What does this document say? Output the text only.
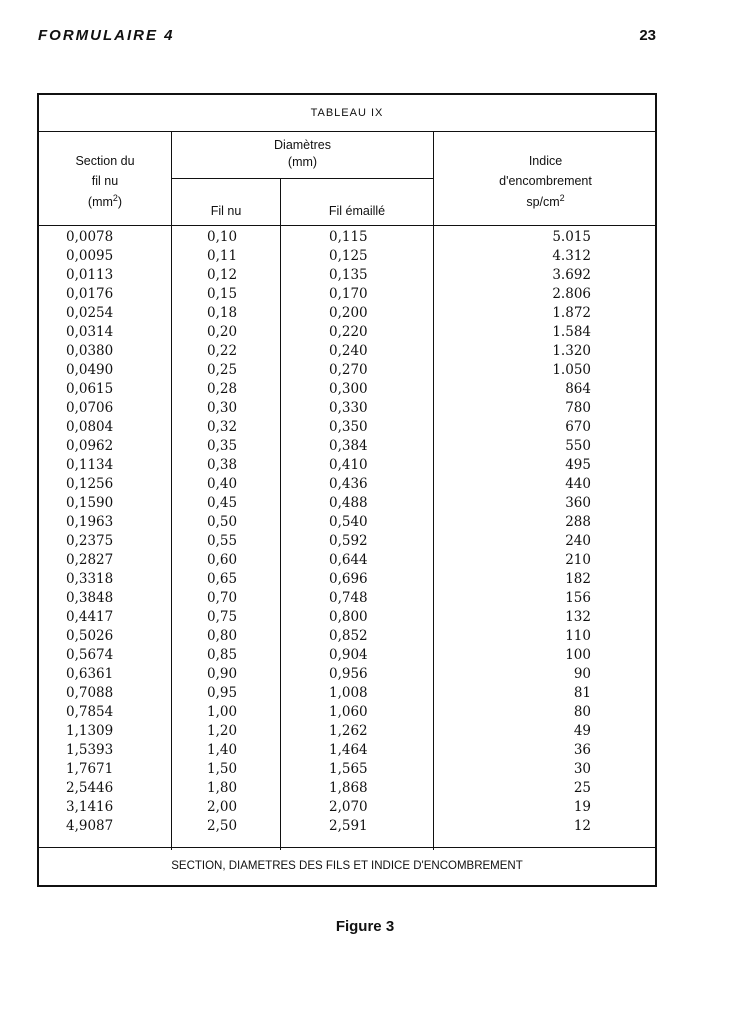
FORMULAIRE 4	23
TABLEAU IX
Section du
fil nu
$(mm^2)$
Diamètres
(mm)
Fil nu	Fil émaillé
Indice
d'encombrement
$sp/cm^2$
0,0078
0,0095
0,0113
0,0176
0,0254
0,0314
0,0380
0,0490
0,0615
0,0706
0,0804
0,0962
0,1134
0,1256
0,1590
0,1963
0,2375
0,2827
0,3318
0,3848
0,4417
0,5026
0,5674
0,6361
0,7088
0,7854
1,1309
1,5393
1,7671
2,5446
3,1416
4,9087
0,10
0,11
0,12
0,15
0,18
0,20
0,22
0,25
0,28
0,30
0,32
0,35
0,38
0,40
0,45
0,50
0,55
0,60
0,65
0,70
0,75
0,80
0,85
0,90
0,95
1,00
1,20
1,40
1,50
1,80
2,00
2,50
0,115
0,125
0,135
0,170
0,200
0,220
0,240
0,270
0,300
0,330
0,350
0,384
0,410
0,436
0,488
0,540
0,592
0,644
0,696
0,748
0,800
0,852
0,904
0,956
1,008
1,060
1,262
1,464
1,565
1,868
2,070
2,591
5.015
4.312
3.692
2.806
1.872
1.584
1.320
1.050
864
780
670
550
495
440
360
288
240
210
182
156
132
110
100
90
81
80
49
36
30
25
19
12
SECTION, DIAMETRES DES FILS ET INDICE D'ENCOMBREMENT
Figure 3
